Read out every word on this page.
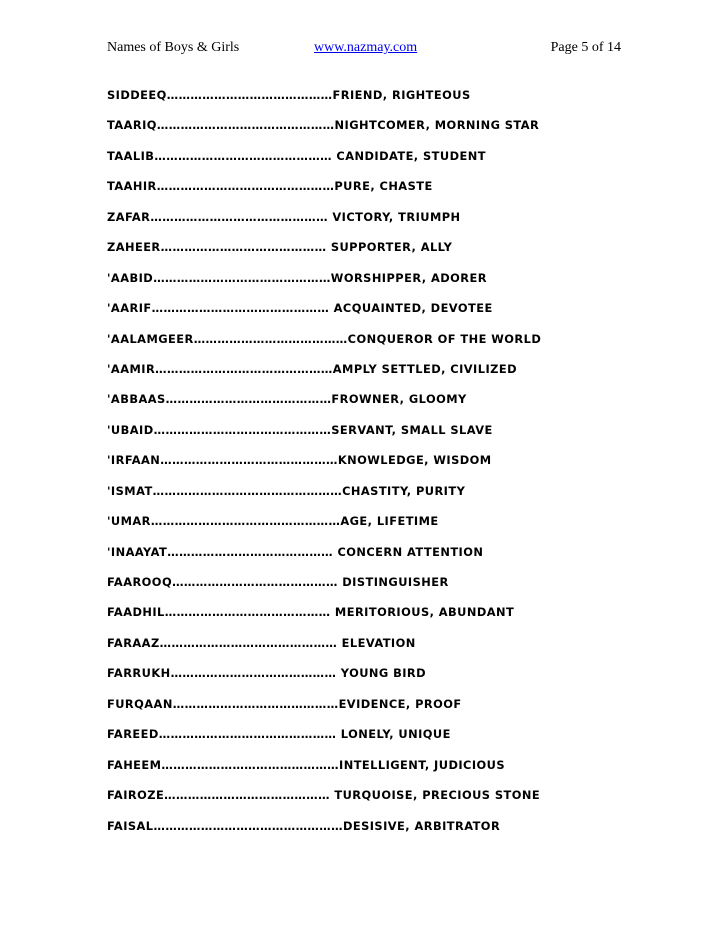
Names of Boys & Girls	www.nazmay.com	Page 5 of 14
SIDDEEQ……………………………………FRIEND, RIGHTEOUS
TAARIQ………………………………………NIGHTCOMER, MORNING STAR
TAALIB……………………………………… CANDIDATE, STUDENT
TAAHIR………………………………………PURE, CHASTE
ZAFAR……………………………………… VICTORY, TRIUMPH
ZAHEER…………………………………… SUPPORTER, ALLY
'AABID………………………………………WORSHIPPER, ADORER
'AARIF……………………………………… ACQUAINTED, DEVOTEE
'AALAMGEER…………………………………CONQUEROR OF THE WORLD
'AAMIR………………………………………AMPLY SETTLED, CIVILIZED
'ABBAAS……………………………………FROWNER, GLOOMY
'UBAID………………………………………SERVANT, SMALL SLAVE
'IRFAAN………………………………………KNOWLEDGE, WISDOM
'ISMAT…………………………………………CHASTITY, PURITY
'UMAR…………………………………………AGE, LIFETIME
'INAAYAT…………………………………… CONCERN ATTENTION
FAAROOQ…………………………………… DISTINGUISHER
FAADHIL…………………………………… MERITORIOUS, ABUNDANT
FARAAZ……………………………………… ELEVATION
FARRUKH…………………………………… YOUNG BIRD
FURQAAN……………………………………EVIDENCE, PROOF
FAREED……………………………………… LONELY, UNIQUE
FAHEEM………………………………………INTELLIGENT, JUDICIOUS
FAIROZE…………………………………… TURQUOISE, PRECIOUS STONE
FAISAL…………………………………………DESISIVE, ARBITRATOR
